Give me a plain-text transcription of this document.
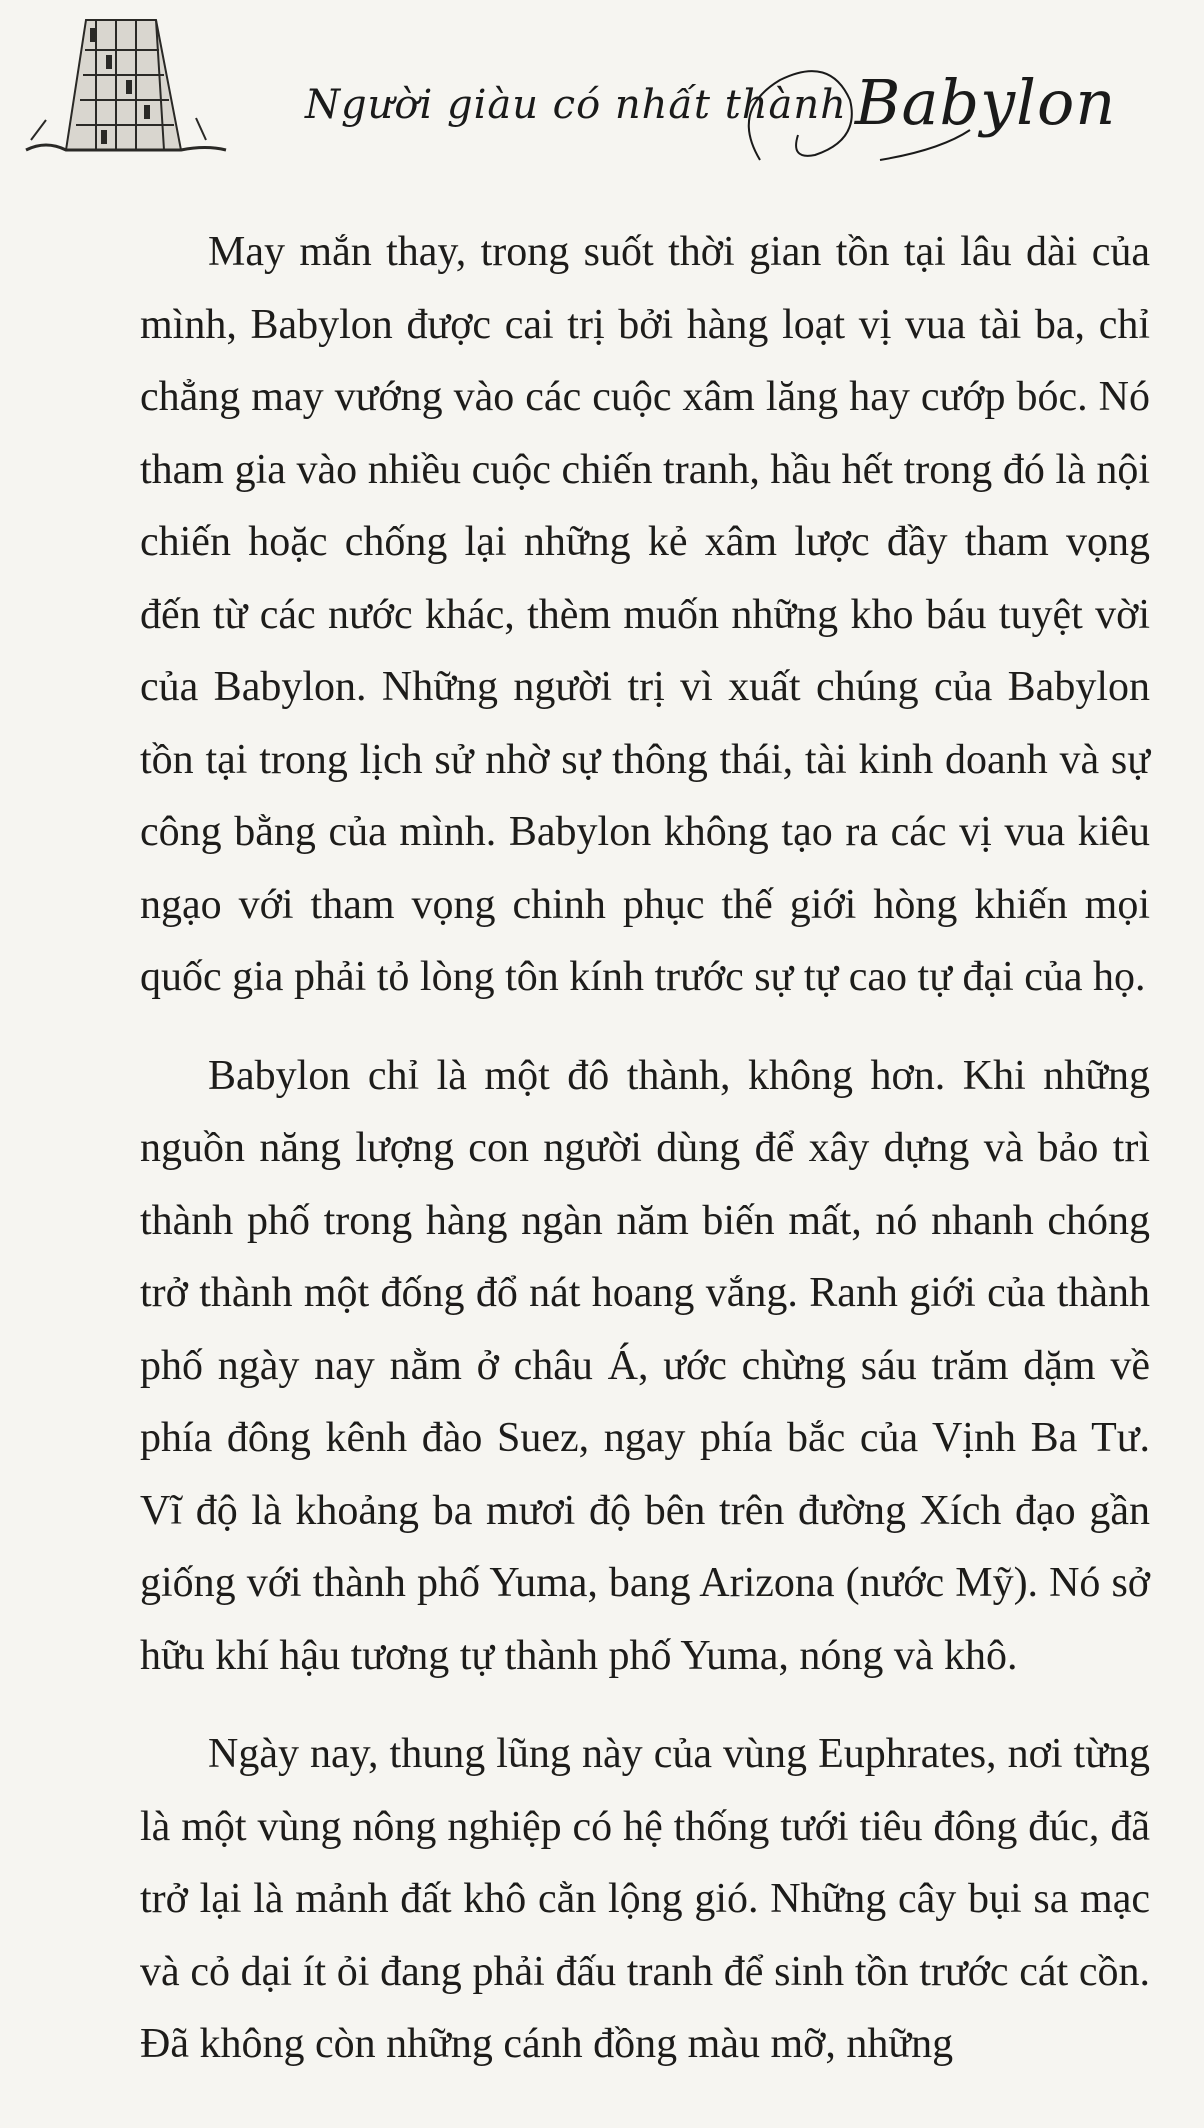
Người giàu có nhất thành Babylon

May mắn thay, trong suốt thời gian tồn tại lâu dài của mình, Babylon được cai trị bởi hàng loạt vị vua tài ba, chỉ chẳng may vướng vào các cuộc xâm lăng hay cướp bóc. Nó tham gia vào nhiều cuộc chiến tranh, hầu hết trong đó là nội chiến hoặc chống lại những kẻ xâm lược đầy tham vọng đến từ các nước khác, thèm muốn những kho báu tuyệt vời của Babylon. Những người trị vì xuất chúng của Babylon tồn tại trong lịch sử nhờ sự thông thái, tài kinh doanh và sự công bằng của mình. Babylon không tạo ra các vị vua kiêu ngạo với tham vọng chinh phục thế giới hòng khiến mọi quốc gia phải tỏ lòng tôn kính trước sự tự cao tự đại của họ.

Babylon chỉ là một đô thành, không hơn. Khi những nguồn năng lượng con người dùng để xây dựng và bảo trì thành phố trong hàng ngàn năm biến mất, nó nhanh chóng trở thành một đống đổ nát hoang vắng. Ranh giới của thành phố ngày nay nằm ở châu Á, ước chừng sáu trăm dặm về phía đông kênh đào Suez, ngay phía bắc của Vịnh Ba Tư. Vĩ độ là khoảng ba mươi độ bên trên đường Xích đạo gần giống với thành phố Yuma, bang Arizona (nước Mỹ). Nó sở hữu khí hậu tương tự thành phố Yuma, nóng và khô.

Ngày nay, thung lũng này của vùng Euphrates, nơi từng là một vùng nông nghiệp có hệ thống tưới tiêu đông đúc, đã trở lại là mảnh đất khô cằn lộng gió. Những cây bụi sa mạc và cỏ dại ít ỏi đang phải đấu tranh để sinh tồn trước cát cồn. Đã không còn những cánh đồng màu mỡ, những
